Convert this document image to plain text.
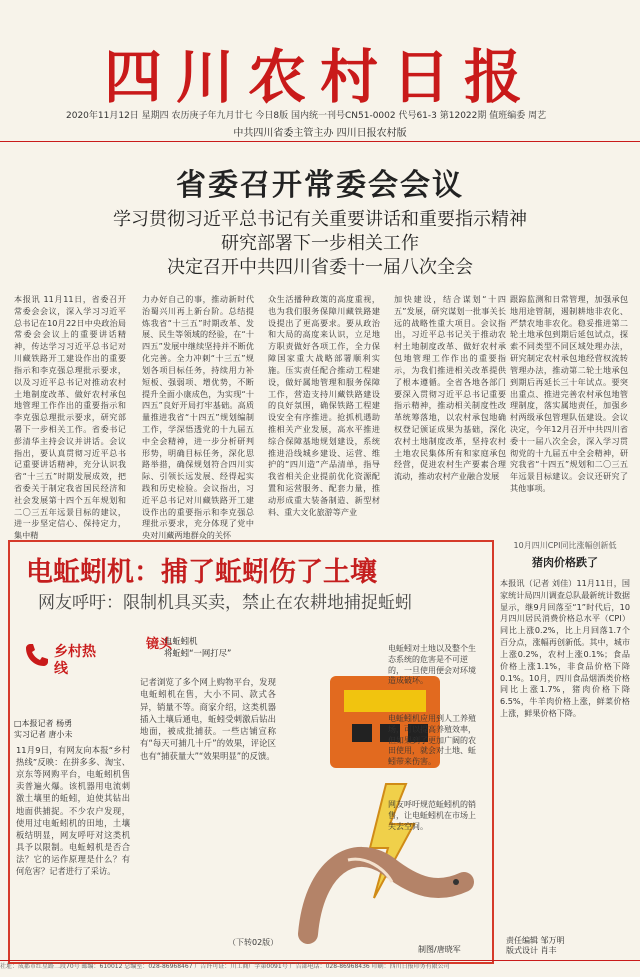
四川农村日报
2020年11月12日 星期四 农历庚子年九月廿七 今日8版 国内统一刊号CN51-0002 代号61-3 第12022期 值班编委 周艺
中共四川省委主管主办 四川日报农村版
省委召开常委会会议
学习贯彻习近平总书记有关重要讲话和重要指示精神
研究部署下一步相关工作
决定召开中共四川省委十一届八次全会
本报讯 11月11日，省委召开常委会会议，深入学习习近平总书记在10月22日中央政治局常委会会议上的重要讲话精神，传达学习习近平总书记对川藏铁路开工建设作出的重要指示和李克强总理批示要求，以及习近平总书记对推动农村土地制度改革、做好农村承包地管理工作作出的重要指示和李克强总理批示要求，研究部署下一步相关工作。省委书记彭清华主持会议并讲话。会议指出，要认真贯彻习近平总书记重要讲话精神，充分认识我省“十三五”时期发展成效，把省委关于制定我省国民经济和社会发展第十四个五年规划和二〇三五年远景目标的建议，进一步坚定信心、保持定力，集中精
力办好自己的事，推动新时代治蜀兴川再上新台阶。总结提炼我省“十三五”时期改革、发展、民生等领域的经验，在“十四五”发展中继续坚持并不断优化完善。全力冲刺“十三五”规划各项目标任务，持续用力补短板、强弱项、增优势，不断提升全面小康成色，为实现“十四五”良好开局打牢基础。高质量推进我省“十四五”规划编制工作，学深悟透党的十九届五中全会精神，进一步分析研判形势，明确目标任务，深化思路举措，确保规划符合四川实际、引领长远发展、经得起实践和历史检验。会议指出，习近平总书记对川藏铁路开工建设作出的重要指示和李克强总理批示要求，充分体现了党中央对川藏两地群众的关怀
众生活播种政策的高度重视，也为我们服务保障川藏铁路建设提出了更高要求。要从政治和大局的高度来认识，立足地方职责做好各项工作，全力保障国家重大战略部署顺利实施。压实责任配合推动工程建设，做好属地管理和服务保障工作，营造支持川藏铁路建设的良好氛围，确保铁路工程建设安全有序推进。抢抓机遇助推相关产业发展，高水平推进综合保障基地规划建设，系统推进沿线城乡建设、运营、维护的“四川造”产品清单，指导我省相关企业提前优化资源配置和运营服务、配套力量，推动形成重大装备制造、新型材料、重大文化旅游等产业
加快建设，结合谋划“十四五”发展，研究谋划一批事关长远的战略性重大项目。会议指出，习近平总书记关于推动农村土地制度改革、做好农村承包地管理工作作出的重要指示，为我们推进相关改革提供了根本遵循。全省各地各部门要深入贯彻习近平总书记重要指示精神，推动相关制度性改革统筹落地，以农村承包地确权登记颁证成果为基础，深化农村土地制度改革，坚持农村土地农民集体所有和家庭承包经营，促进农村生产要素合理流动，推动农村产业融合发展
跟踪监测和日常管理，加强承包地用途管制，遏制耕地非农化、严禁农地非农化。稳妥推进第二轮土地承包到期后延包试点，探索不同类型不同区域处理办法，研究制定农村承包地经营权流转管理办法，推动第二轮土地承包到期后再延长三十年试点。要突出重点、推进完善农村承包地管理制度，落实属地责任，加强乡村两级承包管理队伍建设。会议决定，今年12月召开中共四川省委十一届八次全会，深入学习贯彻党的十九届五中全会精神，研究我省“十四五”规划和二〇三五年远景目标建议。会议还研究了其他事项。
电蚯蚓机：捕了蚯蚓伤了土壤
网友呼吁：限制机具买卖，禁止在农耕地捕捉蚯蚓
乡村热线
□本报记者 杨勇
实习记者 唐小未
11月9日，有网友向本报“乡村热线”反映：在拼多多、淘宝、京东等网购平台，电蚯蚓机售卖普遍火爆。该机器用电流刺激土壤里的蚯蚓，迫使其钻出地面供捕捉。不少农户发现，使用过电蚯蚓机的田地，土壤板结明显，网友呼吁对这类机具予以限制。电蚯蚓机是否合法？它的运作原理是什么？有何危害？记者进行了采访。
镜头
电蚯蚓机
将蚯蚓“一网打尽”
记者浏览了多个网上购物平台，发现电蚯蚓机在售，大小不同、款式各异，销量不等。商家介绍，这类机器插入土壤后通电，蚯蚓受刺激后钻出地面，被成批捕获。一些店铺宣称有“每天可捕几十斤”的效果，评论区也有“捕获量大”“效果明显”的反馈。
（下转02版）
电蚯蚓对土地以及整个生态系统的危害是不可逆的，一旦使用便会对环境造成破坏。
电蚯蚓机应用到人工养殖场，可以提高养殖效率，但如果到了更加广阔的农田使用，就会对土地、蚯蚓带来伤害。
网友呼吁规范蚯蚓机的销售，让电蚯蚓机在市场上失去空间。
制图/唐晓军
10月四川CPI同比涨幅创新低
猪肉价格跌了
本报讯（记者 刘佳）11月11日，国家统计局四川调查总队最新统计数据显示，继9月回落至“1”时代后，10月四川居民消费价格总水平（CPI）同比上涨0.2%，比上月回落1.7个百分点，涨幅再创新低。其中，城市上涨0.2%，农村上涨0.1%；食品价格上涨1.1%，非食品价格下降0.1%。10月，四川食品烟酒类价格同比上涨1.7%，猪肉价格下降6.5%，牛羊肉价格上涨，鲜菜价格上涨，鲜果价格下降。
责任编辑 邹万明
版式设计 肖丰
社址：成都市红星路二段70号 邮编：610012 总编室：028-86968467 广告许可证：川工商广字第0091号 广告部电话：028-86968436 印刷：四川日报印务有限公司
